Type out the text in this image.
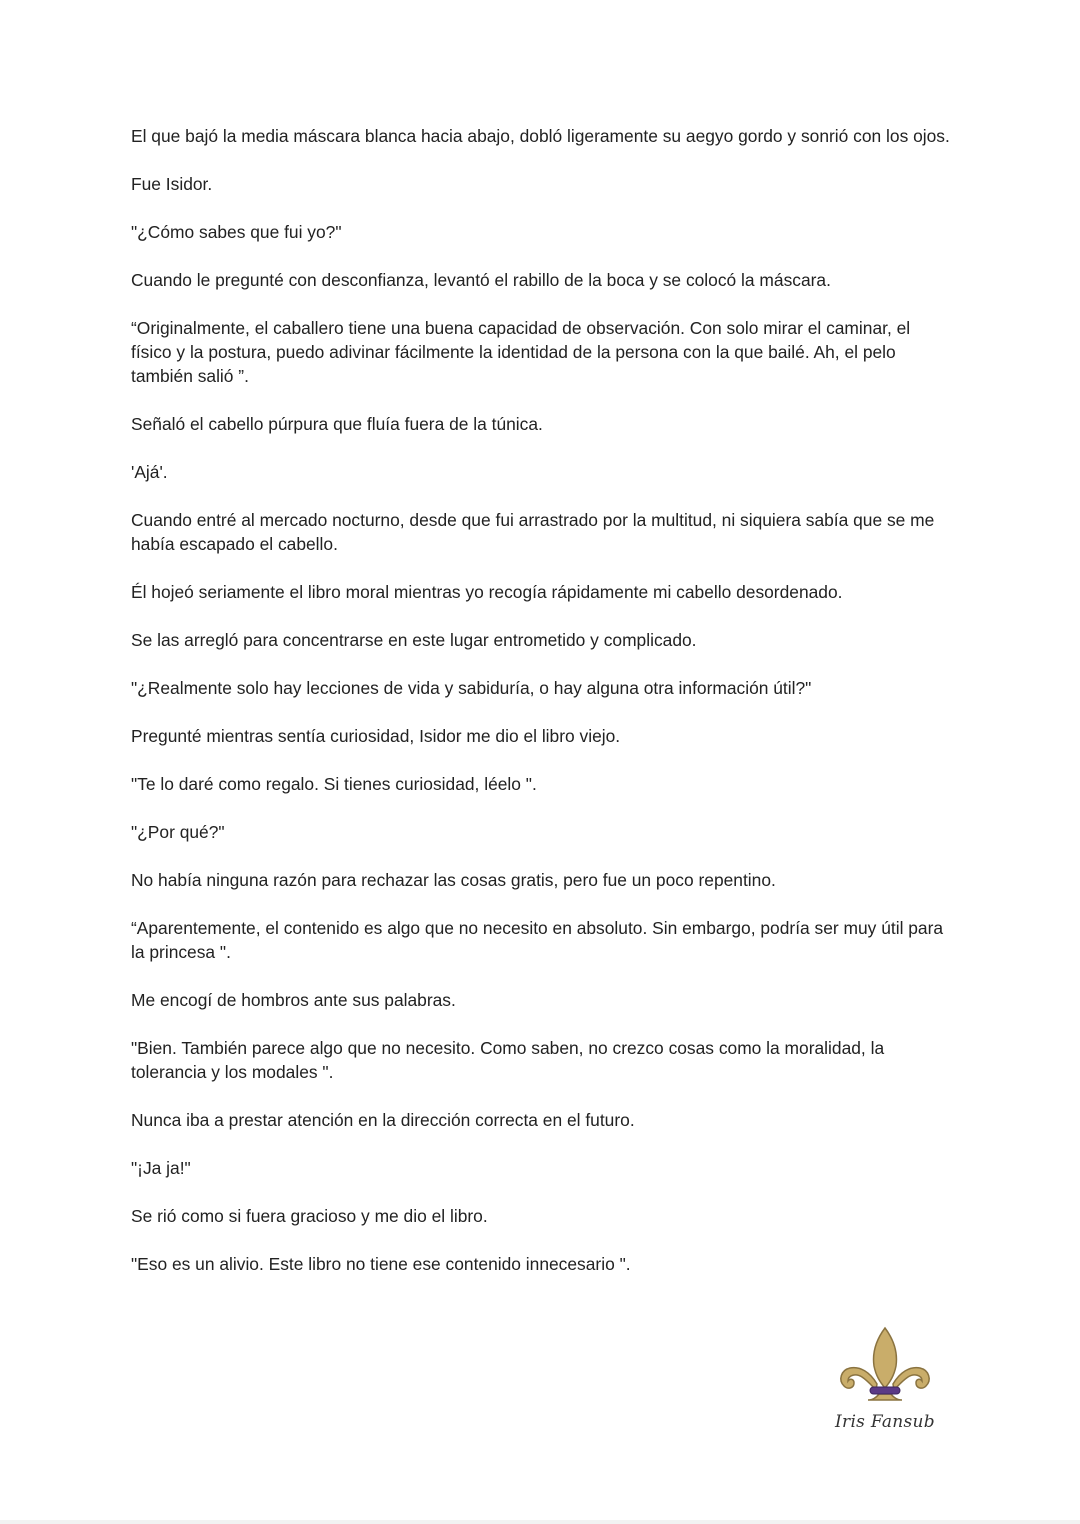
El que bajó la media máscara blanca hacia abajo, dobló ligeramente su aegyo gordo y sonrió con los ojos.

Fue Isidor.

"¿Cómo sabes que fui yo?"

Cuando le pregunté con desconfianza, levantó el rabillo de la boca y se colocó la máscara.

“Originalmente, el caballero tiene una buena capacidad de observación. Con solo mirar el caminar, el físico y la postura, puedo adivinar fácilmente la identidad de la persona con la que bailé. Ah, el pelo también salió ”.

Señaló el cabello púrpura que fluía fuera de la túnica.

'Ajá'.

Cuando entré al mercado nocturno, desde que fui arrastrado por la multitud, ni siquiera sabía que se me había escapado el cabello.

Él hojeó seriamente el libro moral mientras yo recogía rápidamente mi cabello desordenado.

Se las arregló para concentrarse en este lugar entrometido y complicado.

"¿Realmente solo hay lecciones de vida y sabiduría, o hay alguna otra información útil?"

Pregunté mientras sentía curiosidad, Isidor me dio el libro viejo.

"Te lo daré como regalo. Si tienes curiosidad, léelo ".

"¿Por qué?"

No había ninguna razón para rechazar las cosas gratis, pero fue un poco repentino.

“Aparentemente, el contenido es algo que no necesito en absoluto. Sin embargo, podría ser muy útil para la princesa ".

Me encogí de hombros ante sus palabras.

"Bien. También parece algo que no necesito. Como saben, no crezco cosas como la moralidad, la tolerancia y los modales ".

Nunca iba a prestar atención en la dirección correcta en el futuro.

"¡Ja ja!"

Se rió como si fuera gracioso y me dio el libro.

"Eso es un alivio. Este libro no tiene ese contenido innecesario ".

Iris Fansub
